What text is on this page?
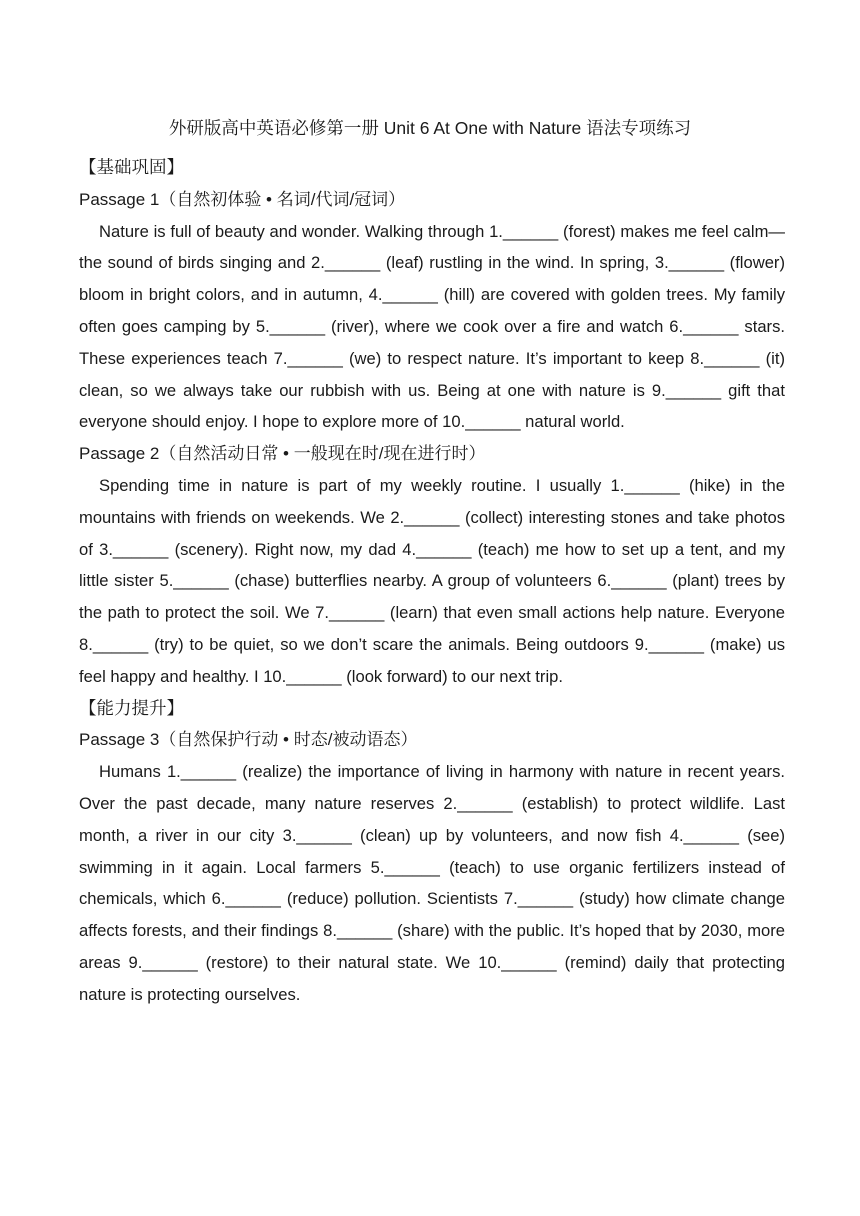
外研版高中英语必修第一册 Unit 6 At One with Nature 语法专项练习
【基础巩固】
Passage 1（自然初体验 • 名词/代词/冠词）

Nature is full of beauty and wonder. Walking through 1.______ (forest) makes me feel calm—the sound of birds singing and 2.______ (leaf) rustling in the wind. In spring, 3.______ (flower) bloom in bright colors, and in autumn, 4.______ (hill) are covered with golden trees. My family often goes camping by 5.______ (river), where we cook over a fire and watch 6.______ stars. These experiences teach 7.______ (we) to respect nature. It’s important to keep 8.______ (it) clean, so we always take our rubbish with us. Being at one with nature is 9.______ gift that everyone should enjoy. I hope to explore more of 10.______ natural world.

Passage 2（自然活动日常 • 一般现在时/现在进行时）

Spending time in nature is part of my weekly routine. I usually 1.______ (hike) in the mountains with friends on weekends. We 2.______ (collect) interesting stones and take photos of 3.______ (scenery). Right now, my dad 4.______ (teach) me how to set up a tent, and my little sister 5.______ (chase) butterflies nearby. A group of volunteers 6.______ (plant) trees by the path to protect the soil. We 7.______ (learn) that even small actions help nature. Everyone 8.______ (try) to be quiet, so we don’t scare the animals. Being outdoors 9.______ (make) us feel happy and healthy. I 10.______ (look forward) to our next trip.

【能力提升】
Passage 3（自然保护行动 • 时态/被动语态）

Humans 1.______ (realize) the importance of living in harmony with nature in recent years. Over the past decade, many nature reserves 2.______ (establish) to protect wildlife. Last month, a river in our city 3.______ (clean) up by volunteers, and now fish 4.______ (see) swimming in it again. Local farmers 5.______ (teach) to use organic fertilizers instead of chemicals, which 6.______ (reduce) pollution. Scientists 7.______ (study) how climate change affects forests, and their findings 8.______ (share) with the public. It’s hoped that by 2030, more areas 9.______ (restore) to their natural state. We 10.______ (remind) daily that protecting nature is protecting ourselves.
